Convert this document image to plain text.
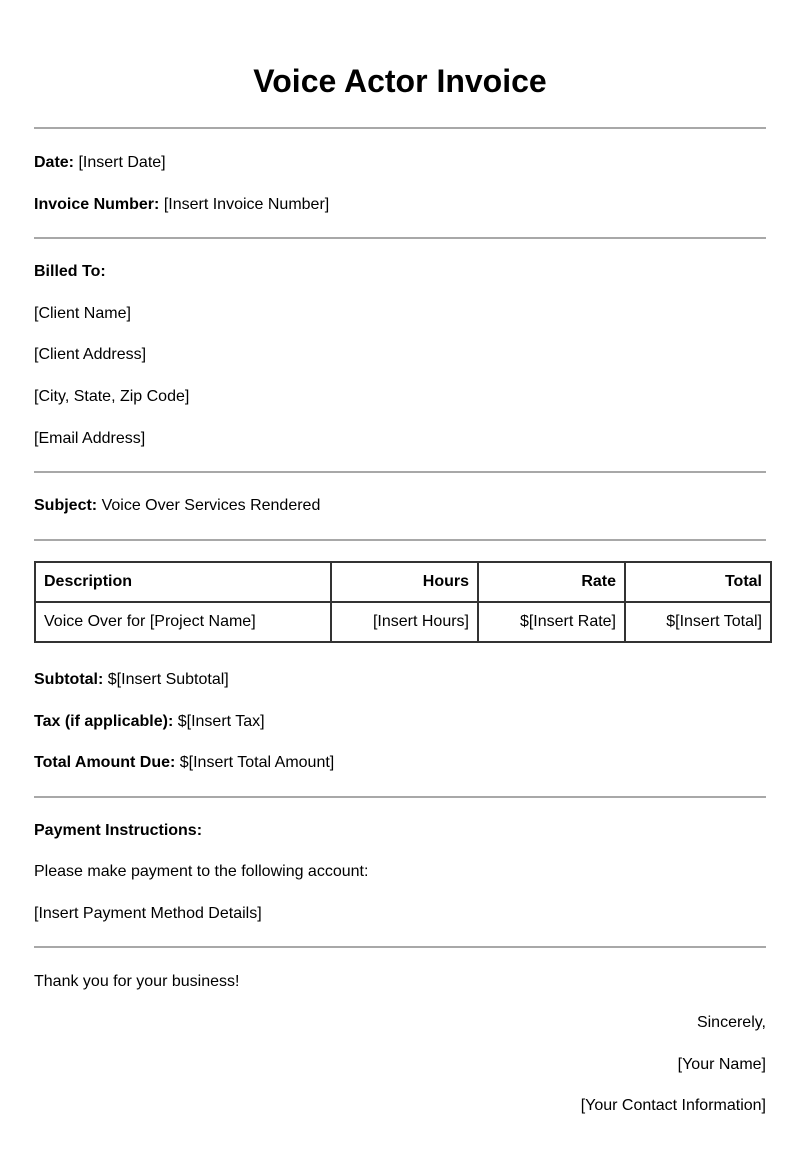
Voice Actor Invoice
Date: [Insert Date]
Invoice Number: [Insert Invoice Number]
Billed To:
[Client Name]
[Client Address]
[City, State, Zip Code]
[Email Address]
Subject: Voice Over Services Rendered
Description	Hours	Rate	Total
Voice Over for [Project Name]	[Insert Hours]	$[Insert Rate]	$[Insert Total]
Subtotal: $[Insert Subtotal]
Tax (if applicable): $[Insert Tax]
Total Amount Due: $[Insert Total Amount]
Payment Instructions:
Please make payment to the following account:
[Insert Payment Method Details]
Thank you for your business!
Sincerely,
[Your Name]
[Your Contact Information]
